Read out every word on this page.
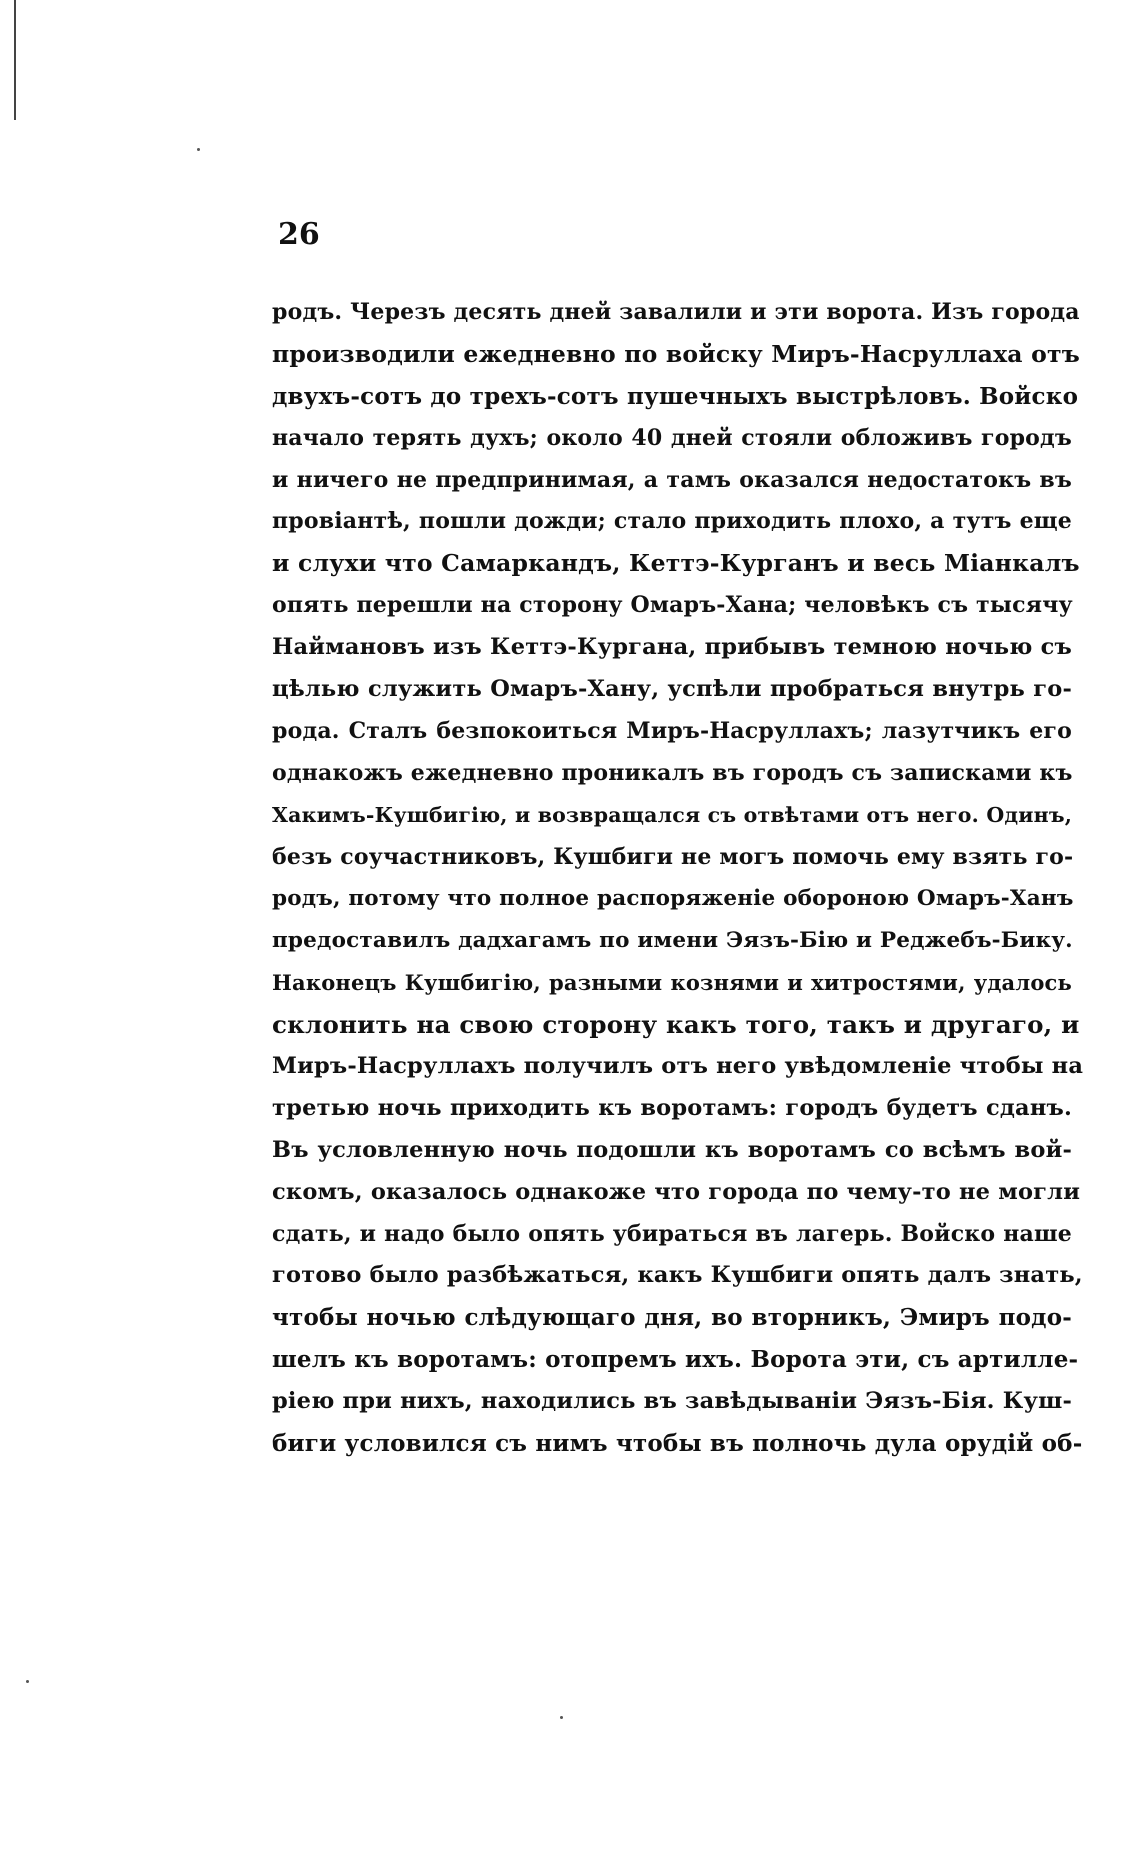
26
родъ. Черезъ десять дней завалили и эти ворота. Изъ города
производили ежедневно по войску Миръ-Насруллаха отъ
двухъ-сотъ до трехъ-сотъ пушечныхъ выстрѣловъ. Войско
начало терять духъ; около 40 дней стояли обложивъ городъ
и ничего не предпринимая, а тамъ оказался недостатокъ въ
провіантѣ, пошли дожди; стало приходить плохо, а тутъ еще
и слухи что Самаркандъ, Кеттэ-Курганъ и весь Міанкалъ
опять перешли на сторону Омаръ-Хана; человѣкъ съ тысячу
Наймановъ изъ Кеттэ-Кургана, прибывъ темною ночью съ
цѣлью служить Омаръ-Хану, успѣли пробраться внутрь го-
рода. Сталъ безпокоиться Миръ-Насруллахъ; лазутчикъ его
однакожъ ежедневно проникалъ въ городъ съ записками къ
Хакимъ-Кушбигію, и возвращался съ отвѣтами отъ него. Одинъ,
безъ соучастниковъ, Кушбиги не могъ помочь ему взять го-
родъ, потому что полное распоряженіе обороною Омаръ-Ханъ
предоставилъ дадхагамъ по имени Эязъ-Бію и Реджебъ-Бику.
Наконецъ Кушбигію, разными кознями и хитростями, удалось
склонить на свою сторону какъ того, такъ и другаго, и
Миръ-Насруллахъ получилъ отъ него увѣдомленіе чтобы на
третью ночь приходить къ воротамъ: городъ будетъ сданъ.
Въ условленную ночь подошли къ воротамъ со всѣмъ вой-
скомъ, оказалось однакоже что города по чему-то не могли
сдать, и надо было опять убираться въ лагерь. Войско наше
готово было разбѣжаться, какъ Кушбиги опять далъ знать,
чтобы ночью слѣдующаго дня, во вторникъ, Эмиръ подо-
шелъ къ воротамъ: отопремъ ихъ. Ворота эти, съ артилле-
ріею при нихъ, находились въ завѣдываніи Эязъ-Бія. Куш-
биги условился съ нимъ чтобы въ полночь дула орудій об-
